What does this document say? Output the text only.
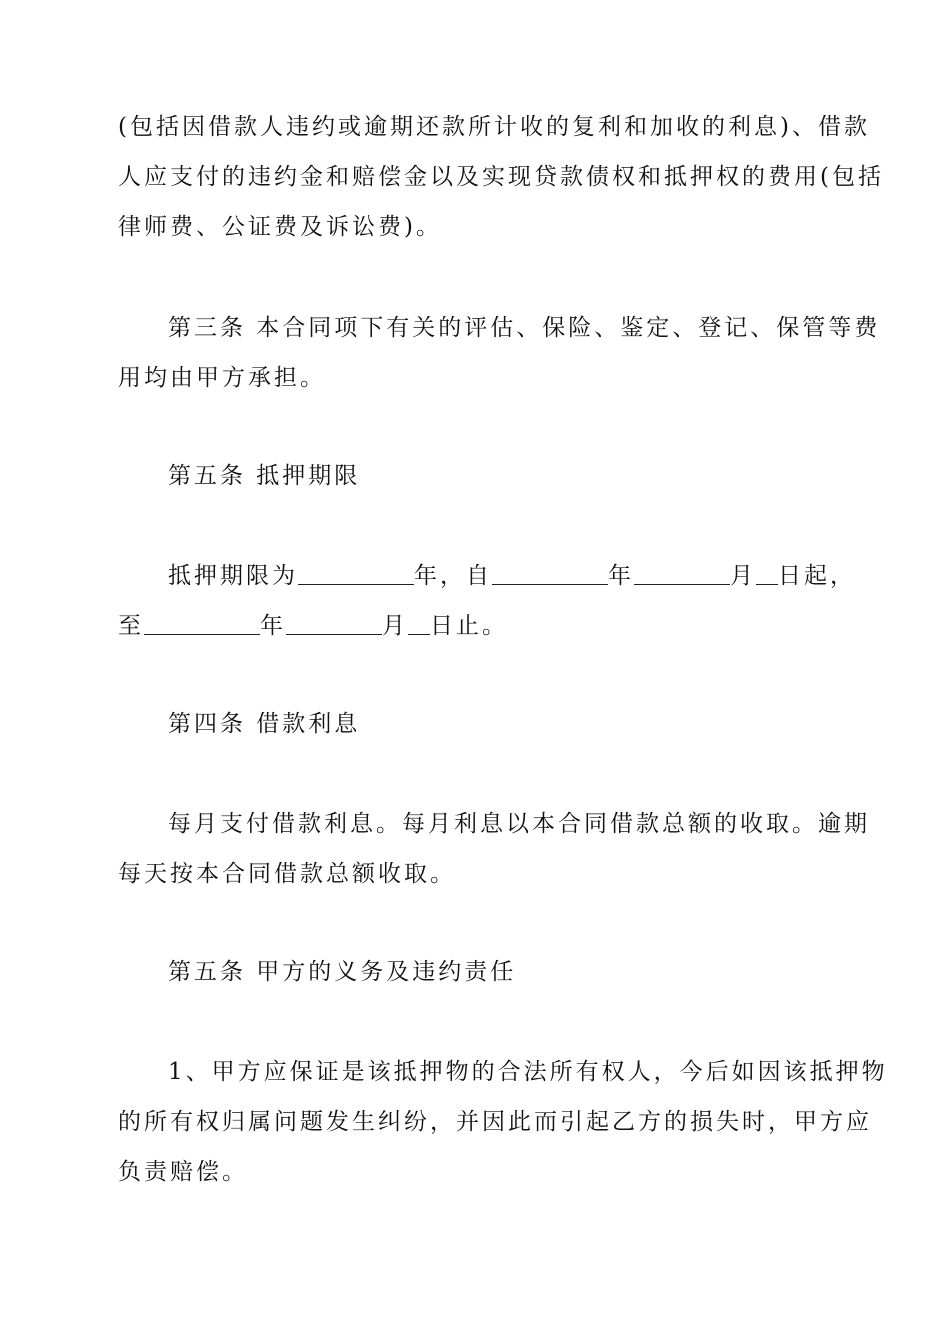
(包括因借款人违约或逾期还款所计收的复利和加收的利息)、借款
人应支付的违约金和赔偿金以及实现贷款债权和抵押权的费用(包括
律师费、公证费及诉讼费)。
第三条 本合同项下有关的评估、保险、鉴定、登记、保管等费
用均由甲方承担。
第五条 抵押期限
抵押期限为	年，自	年	月 日起，
至	年	月 日止。
第四条 借款利息
每月支付借款利息。每月利息以本合同借款总额的收取。逾期
每天按本合同借款总额收取。
第五条 甲方的义务及违约责任
1、甲方应保证是该抵押物的合法所有权人，今后如因该抵押物
的所有权归属问题发生纠纷，并因此而引起乙方的损失时，甲方应
负责赔偿。
